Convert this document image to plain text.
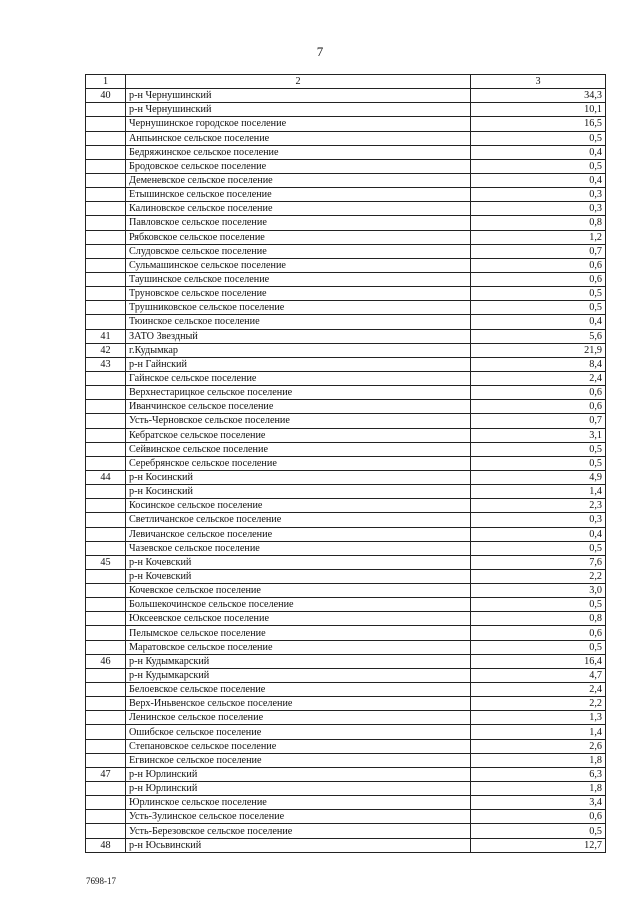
7
1	2	3
40	р-н Чернушинский	34,3
	р-н Чернушинский	10,1
	Чернушинское городское поселение	16,5
	Анпьинское сельское поселение	0,5
	Бедряжинское сельское поселение	0,4
	Бродовское сельское поселение	0,5
	Деменевское сельское поселение	0,4
	Етышинское сельское поселение	0,3
	Калиновское сельское поселение	0,3
	Павловское сельское поселение	0,8
	Рябковское сельское поселение	1,2
	Слудовское сельское поселение	0,7
	Сульмашинское сельское поселение	0,6
	Таушинское сельское поселение	0,6
	Труновское сельское поселение	0,5
	Трушниковское сельское поселение	0,5
	Тюинское сельское поселение	0,4
41	ЗАТО Звездный	5,6
42	г.Кудымкар	21,9
43	р-н Гайнский	8,4
	Гайнское сельское поселение	2,4
	Верхнестарицкое сельское поселение	0,6
	Иванчинское сельское поселение	0,6
	Усть-Черновское сельское поселение	0,7
	Кебратское сельское поселение	3,1
	Сейвинское сельское поселение	0,5
	Серебрянское сельское поселение	0,5
44	р-н Косинский	4,9
	р-н Косинский	1,4
	Косинское сельское поселение	2,3
	Светличанское сельское поселение	0,3
	Левичанское сельское поселение	0,4
	Чазевское сельское поселение	0,5
45	р-н Кочевский	7,6
	р-н Кочевский	2,2
	Кочевское сельское поселение	3,0
	Большекочинское сельское поселение	0,5
	Юксеевское сельское поселение	0,8
	Пелымское сельское поселение	0,6
	Маратовское сельское поселение	0,5
46	р-н Кудымкарский	16,4
	р-н Кудымкарский	4,7
	Белоевское сельское поселение	2,4
	Верх-Иньвенское сельское поселение	2,2
	Ленинское сельское поселение	1,3
	Ошибское сельское поселение	1,4
	Степановское сельское поселение	2,6
	Егвинское сельское поселение	1,8
47	р-н Юрлинский	6,3
	р-н Юрлинский	1,8
	Юрлинское сельское поселение	3,4
	Усть-Зулинское сельское поселение	0,6
	Усть-Березовское сельское поселение	0,5
48	р-н Юсьвинский	12,7
7698-17
